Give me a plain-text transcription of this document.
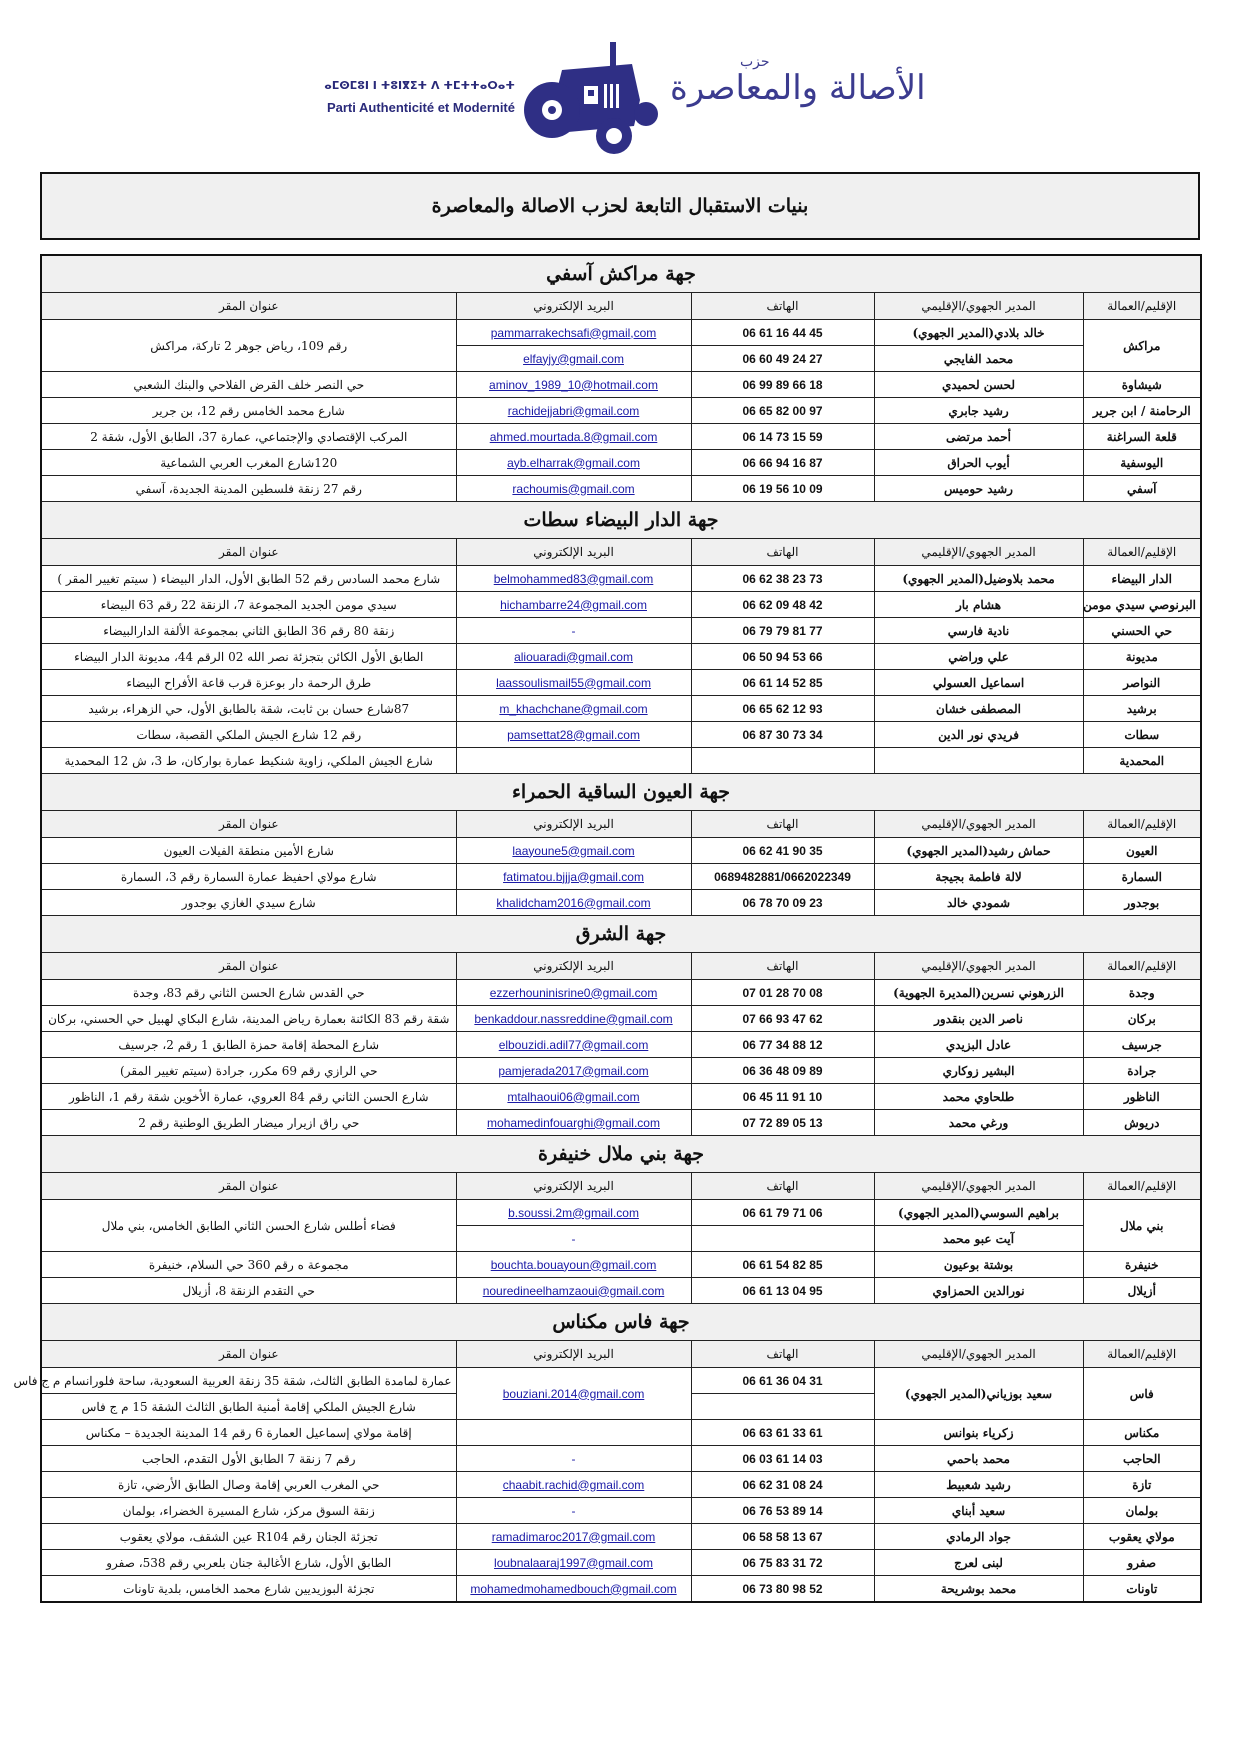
ⴰⵎⵙⵎⵓⵏ ⵏ ⵜⵓⵏⴳⵉⵜ ⴷ ⵜⵎⵜⵜⴰⵔⴰⵜ
Parti Authenticité et Modernité
حزب
الأصالة والمعاصرة
بنيات الاستقبال التابعة لحزب الاصالة والمعاصرة
جهة مراكش آسفي				
الإقليم/العمالة	المدير الجهوي/الإقليمي	الهاتف	البريد الإلكتروني	عنوان المقر
مراكش	خالد بلادي(المدير الجهوي)	06 61 16 44 45	pammarrakechsafi@gmail,com	رقم 109، رياض جوهر 2 تاركة، مراكش
	محمد الفايجي	06 60 49 24 27	elfayjy@gmail.com	
شيشاوة	لحسن لحميدي	06 99 89 66 18	aminov_1989_10@hotmail.com	حي النصر خلف القرض الفلاحي والبنك الشعبي
الرحامنة / ابن جرير	رشيد جابري	06 65 82 00 97	rachidejjabri@gmail.com	شارع محمد الخامس رقم 12، بن جرير
قلعة السراغنة	أحمد مرتضى	06 14 73 15 59	ahmed.mourtada.8@gmail.com	المركب الإقتصادي والإجتماعي، عمارة 37، الطابق الأول، شقة 2
اليوسفية	أيوب الحراق	06 66 94 16 87	ayb.elharrak@gmail.com	120شارع المغرب العربي الشماعية
آسفي	رشيد حوميس	06 19 56 10 09	rachoumis@gmail.com	رقم 27 زنقة فلسطين المدينة الجديدة، آسفي
جهة الدار البيضاء سطات				
الإقليم/العمالة	المدير الجهوي/الإقليمي	الهاتف	البريد الإلكتروني	عنوان المقر
الدار البيضاء	محمد بلاوضيل(المدير الجهوي)	06 62 38 23 73	belmohammed83@gmail.com	شارع محمد السادس رقم 52 الطابق الأول، الدار البيضاء ( سيتم تغيير المقر )
البرنوصي سيدي مومن	هشام بار	06 62 09 48 42	hichambarre24@gmail.com	سيدي مومن الجديد المجموعة 7، الزنقة 22 رقم 63 البيضاء
حي الحسني	نادية فارسي	06 79 79 81 77	-	زنقة 80 رقم 36 الطابق الثاني بمجموعة الألفة الدارالبيضاء
مديونة	علي وراضي	06 50 94 53 66	aliouaradi@gmail.com	الطابق الأول الكائن بتجزئة نصر الله 02 الرقم 44، مديونة الدار البيضاء
النواصر	اسماعيل العسولي	06 61 14 52 85	laassoulismail55@gmail.com	طرق الرحمة دار بوعزة قرب قاعة الأفراح البيضاء
برشيد	المصطفى خشان	06 65 62 12 93	m_khachchane@gmail.com	87شارع حسان بن ثابت، شقة بالطابق الأول، حي الزهراء، برشيد
سطات	فريدي نور الدين	06 87 30 73 34	pamsettat28@gmail.com	رقم 12 شارع الجيش الملكي القصبة، سطات
المحمدية				شارع الجيش الملكي، زاوية شنكيط عمارة بواركان، ط 3، ش 12 المحمدية
جهة العيون الساقية الحمراء				
الإقليم/العمالة	المدير الجهوي/الإقليمي	الهاتف	البريد الإلكتروني	عنوان المقر
العيون	حماش رشيد(المدير الجهوي)	06 62 41 90 35	laayoune5@gmail.com	شارع الأمين منطقة الفيلات العيون
السمارة	لالة فاطمة بجيجة	0689482881/0662022349	fatimatou.bjjja@gmail.com	شارع مولاي احفيظ عمارة السمارة رقم 3، السمارة
بوجدور	شمودي خالد	06 78 70 09 23	khalidcham2016@gmail.com	شارع سيدي الغازي بوجدور
جهة الشرق				
الإقليم/العمالة	المدير الجهوي/الإقليمي	الهاتف	البريد الإلكتروني	عنوان المقر
وجدة	الزرهوني نسرين(المديرة الجهوية)	07 01 28 70 08	ezzerhouninisrine0@gmail.com	حي القدس شارع الحسن الثاني رقم 83، وجدة
بركان	ناصر الدين بنقدور	07 66 93 47 62	benkaddour.nassreddine@gmail.com	شقة رقم 83 الكائنة بعمارة رياض المدينة، شارع البكاي لهبيل حي الحسني، بركان
جرسيف	عادل البزيدي	06 77 34 88 12	elbouzidi.adil77@gmail.com	شارع المحطة إقامة حمزة الطابق 1 رقم 2، جرسيف
جرادة	البشير زوكاري	06 36 48 09 89	pamjerada2017@gmail.com	حي الرازي رقم 69 مكرر، جرادة (سيتم تغيير المقر)
الناظور	طلحاوي محمد	06 45 11 91 10	mtalhaoui06@gmail.com	شارع الحسن الثاني رقم 84 العروي، عمارة الأخوين شقة رقم 1، الناظور
دريوش	ورغي محمد	07 72 89 05 13	mohamedinfouarghi@gmail.com	حي راق ازيرار ميضار الطريق الوطنية رقم 2
جهة بني ملال خنيفرة				
الإقليم/العمالة	المدير الجهوي/الإقليمي	الهاتف	البريد الإلكتروني	عنوان المقر
بني ملال	براهيم السوسي(المدير الجهوي)	06 61 79 71 06	b.soussi.2m@gmail.com	فضاء أطلس شارع الحسن الثاني الطابق الخامس، بني ملال
	آيت عبو محمد		-	
خنيفرة	بوشتة بوعيون	06 61 54 82 85	bouchta.bouayoun@gmail.com	مجموعة ه رقم 360 حي السلام، خنيفرة
أزيلال	نورالدين الحمزاوي	06 61 13 04 95	nouredineelhamzaoui@gmail.com	حي التقدم الزنقة 8، أزيلال
جهة فاس مكناس				
الإقليم/العمالة	المدير الجهوي/الإقليمي	الهاتف	البريد الإلكتروني	عنوان المقر
فاس	سعيد بوزياني(المدير الجهوي)	06 61 36 04 31	bouziani.2014@gmail.com	عمارة لمامدة الطابق الثالث، شقة 35 زنقة العربية السعودية، ساحة فلورانسام م ج فاس
				شارع الجيش الملكي إقامة أمنية الطابق الثالث الشقة 15 م ج فاس
مكناس	زكرياء بنوانس	06 63 61 33 61		إقامة مولاي إسماعيل العمارة 6 رقم 14 المدينة الجديدة – مكناس
الحاجب	محمد باحمي	06 03 61 14 03	-	رقم 7 زنقة 7 الطابق الأول التقدم، الحاجب
تازة	رشيد شعبيط	06 62 31 08 24	chaabit.rachid@gmail.com	حي المغرب العربي إقامة وصال الطابق الأرضي، تازة
بولمان	سعيد أبناي	06 76 53 89 14	-	زنقة السوق مركز، شارع المسيرة الخضراء، بولمان
مولاي يعقوب	جواد الرمادي	06 58 58 13 67	ramadimaroc2017@gmail.com	تجزئة الجنان رقم R104 عين الشقف، مولاي يعقوب
صفرو	لبنى لعرج	06 75 83 31 72	loubnalaaraj1997@gmail.com	الطابق الأول، شارع الأغالبة جنان بلعربي رقم 538، صفرو
تاونات	محمد بوشريحة	06 73 80 98 52	mohamedmohamedbouch@gmail.com	تجزئة البوزيديين شارع محمد الخامس، بلدية تاونات
